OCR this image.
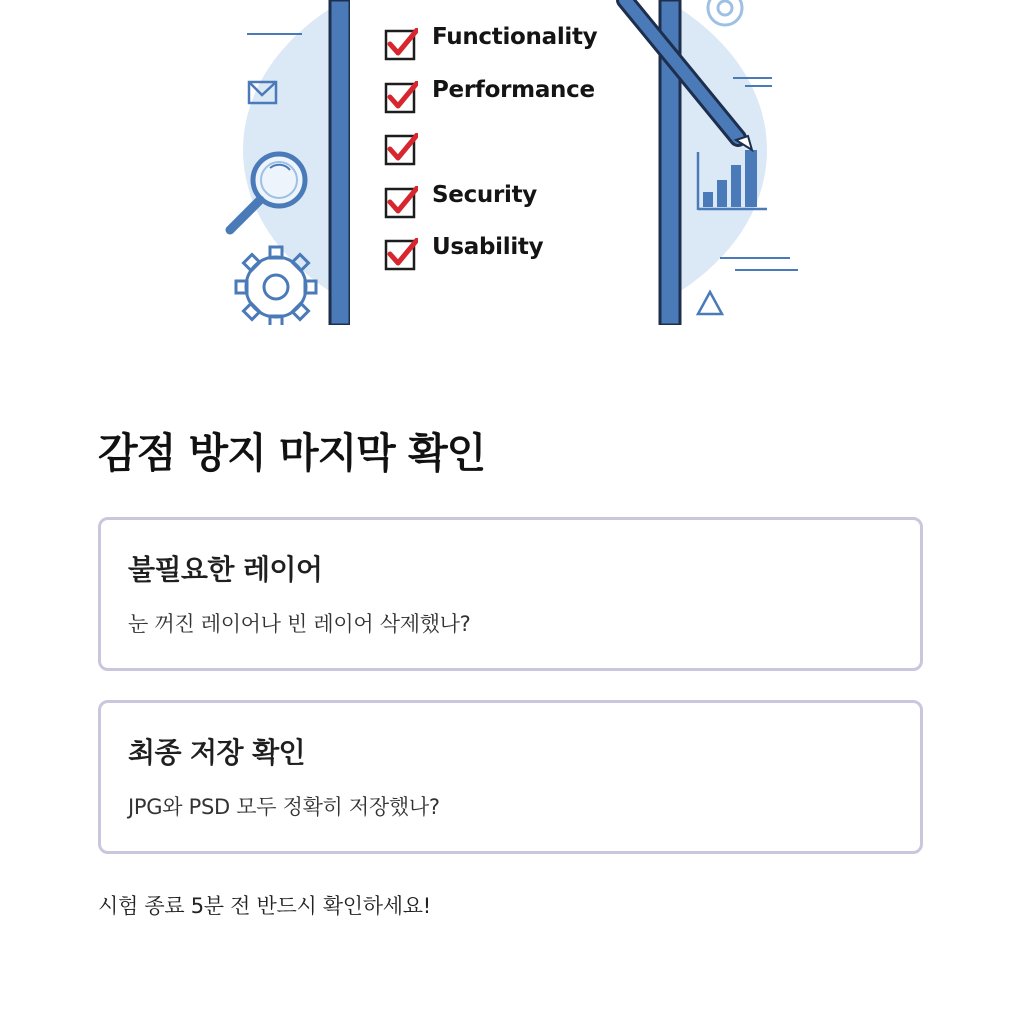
Functionality
Performance
Security
Usability
감점 방지 마지막 확인
불필요한 레이어

눈 꺼진 레이어나 빈 레이어 삭제했나?

최종 저장 확인

JPG와 PSD 모두 정확히 저장했나?

시험 종료 5분 전 반드시 확인하세요!
